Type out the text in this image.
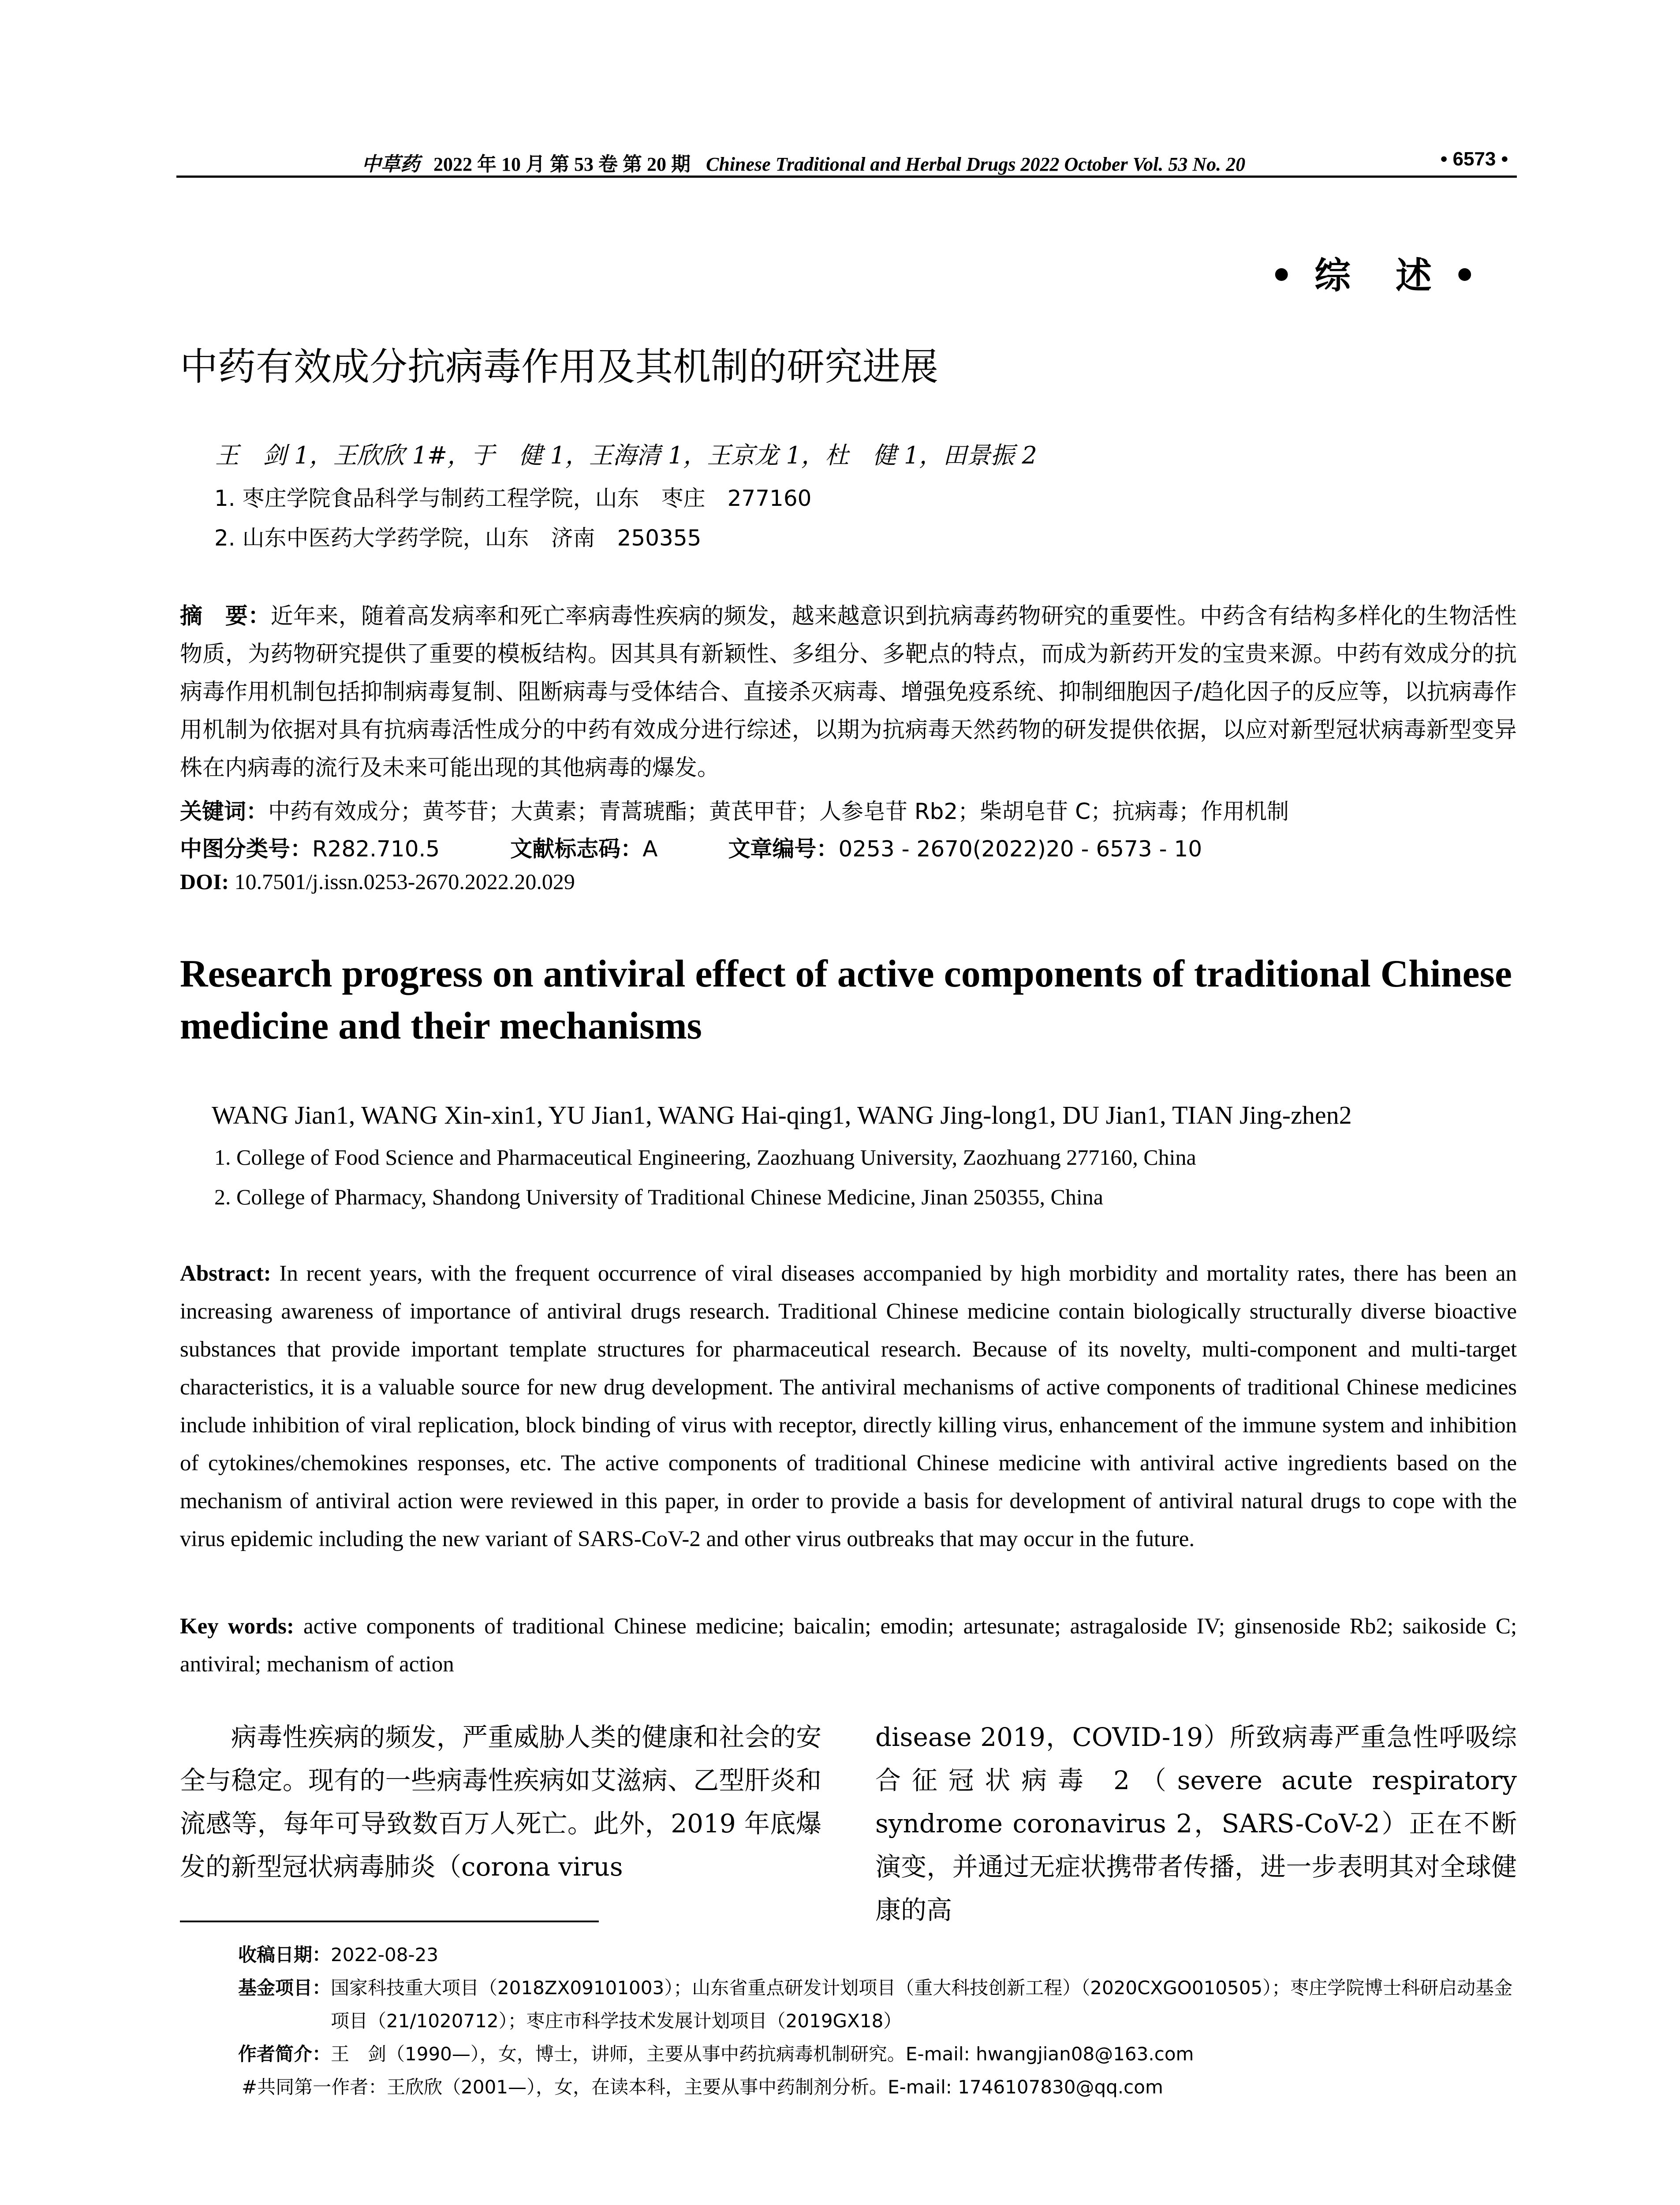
中草药 2022 年 10 月 第 53 卷 第 20 期 Chinese Traditional and Herbal Drugs 2022 October Vol. 53 No. 20	• 6573 •
• 综　述 •
中药有效成分抗病毒作用及其机制的研究进展
王　剑 1，王欣欣 1#，于　健 1，王海清 1，王京龙 1，杜　健 1，田景振 2
1. 枣庄学院食品科学与制药工程学院，山东　枣庄　277160
2. 山东中医药大学药学院，山东　济南　250355
摘　要：近年来，随着高发病率和死亡率病毒性疾病的频发，越来越意识到抗病毒药物研究的重要性。中药含有结构多样化的生物活性物质，为药物研究提供了重要的模板结构。因其具有新颖性、多组分、多靶点的特点，而成为新药开发的宝贵来源。中药有效成分的抗病毒作用机制包括抑制病毒复制、阻断病毒与受体结合、直接杀灭病毒、增强免疫系统、抑制细胞因子/趋化因子的反应等，以抗病毒作用机制为依据对具有抗病毒活性成分的中药有效成分进行综述，以期为抗病毒天然药物的研发提供依据，以应对新型冠状病毒新型变异株在内病毒的流行及未来可能出现的其他病毒的爆发。
关键词：中药有效成分；黄芩苷；大黄素；青蒿琥酯；黄芪甲苷；人参皂苷 Rb2；柴胡皂苷 C；抗病毒；作用机制
中图分类号：R282.710.5	文献标志码：A	文章编号：0253 - 2670(2022)20 - 6573 - 10
DOI: 10.7501/j.issn.0253-2670.2022.20.029
Research progress on antiviral effect of active components of traditional Chinese medicine and their mechanisms
WANG Jian1, WANG Xin-xin1, YU Jian1, WANG Hai-qing1, WANG Jing-long1, DU Jian1, TIAN Jing-zhen2
1. College of Food Science and Pharmaceutical Engineering, Zaozhuang University, Zaozhuang 277160, China
2. College of Pharmacy, Shandong University of Traditional Chinese Medicine, Jinan 250355, China
Abstract: In recent years, with the frequent occurrence of viral diseases accompanied by high morbidity and mortality rates, there has been an increasing awareness of importance of antiviral drugs research. Traditional Chinese medicine contain biologically structurally diverse bioactive substances that provide important template structures for pharmaceutical research. Because of its novelty, multi-component and multi-target characteristics, it is a valuable source for new drug development. The antiviral mechanisms of active components of traditional Chinese medicines include inhibition of viral replication, block binding of virus with receptor, directly killing virus, enhancement of the immune system and inhibition of cytokines/chemokines responses, etc. The active components of traditional Chinese medicine with antiviral active ingredients based on the mechanism of antiviral action were reviewed in this paper, in order to provide a basis for development of antiviral natural drugs to cope with the virus epidemic including the new variant of SARS-CoV-2 and other virus outbreaks that may occur in the future.
Key words: active components of traditional Chinese medicine; baicalin; emodin; artesunate; astragaloside IV; ginsenoside Rb2; saikoside C; antiviral; mechanism of action
病毒性疾病的频发，严重威胁人类的健康和社会的安全与稳定。现有的一些病毒性疾病如艾滋病、乙型肝炎和流感等，每年可导致数百万人死亡。此外，2019 年底爆发的新型冠状病毒肺炎（corona virus
disease 2019，COVID-19）所致病毒严重急性呼吸综合征冠状病毒 2（severe acute respiratory syndrome coronavirus 2，SARS-CoV-2）正在不断演变，并通过无症状携带者传播，进一步表明其对全球健康的高
收稿日期： 2022-08-23
基金项目： 国家科技重大项目（2018ZX09101003）；山东省重点研发计划项目（重大科技创新工程）（2020CXGO010505）；枣庄学院博士科研启动基金项目（21/1020712）；枣庄市科学技术发展计划项目（2019GX18）
作者简介： 王　剑（1990—），女，博士，讲师，主要从事中药抗病毒机制研究。E-mail: hwangjian08@163.com
#共同第一作者：王欣欣（2001—），女，在读本科，主要从事中药制剂分析。E-mail: 1746107830@qq.com
